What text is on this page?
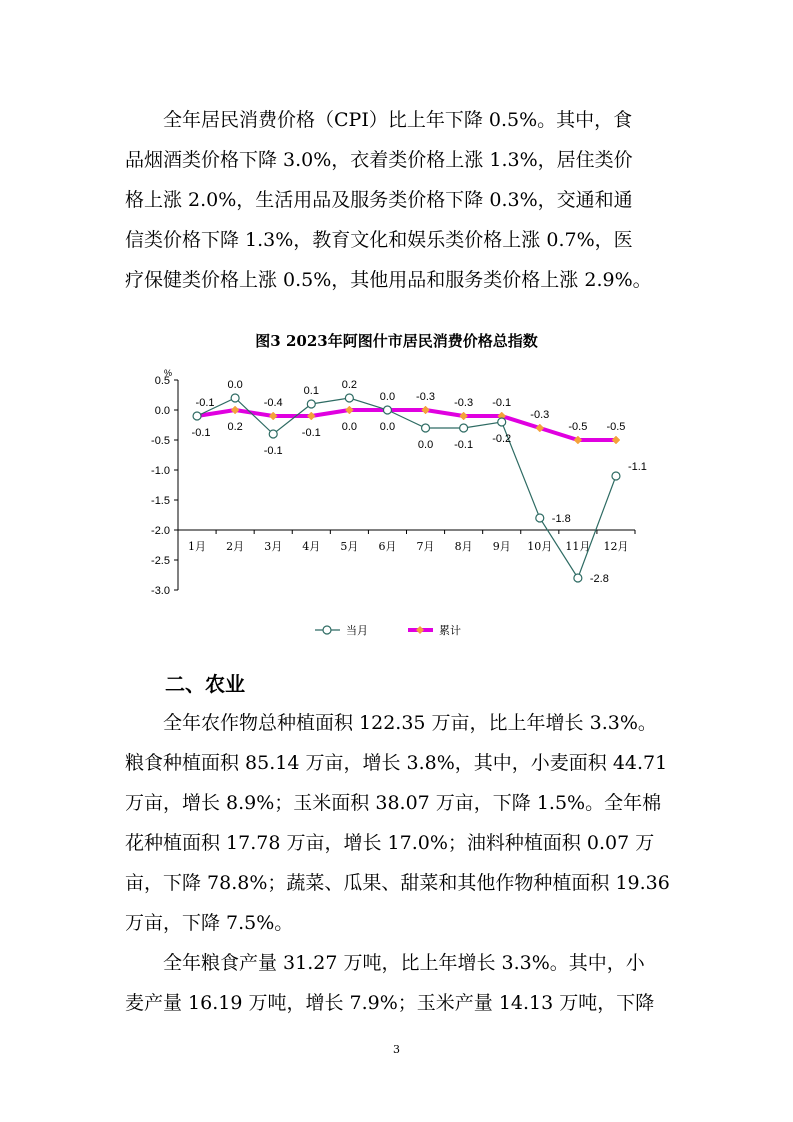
　　全年居民消费价格（CPI）比上年下降 0.5%。其中，食
品烟酒类价格下降 3.0%，衣着类价格上涨 1.3%，居住类价
格上涨 2.0%，生活用品及服务类价格下降 0.3%，交通和通
信类价格下降 1.3%，教育文化和娱乐类价格上涨 0.7%，医
疗保健类价格上涨 0.5%，其他用品和服务类价格上涨 2.9%。
图3 2023年阿图什市居民消费价格总指数
0.5
0.0
-0.5
-1.0
-1.5
-2.0
-2.5
-3.0
%
1月 2月 3月 4月 5月 6月 7月 8月 9月 10月 11月 12月
-0.1
0.0
-0.4
0.1 0.2
0.0 -0.3 -0.3 -0.1
-1.8
-2.8
-1.1
-0.1 0.2
-0.1
-0.1 0.0 0.0
0.0 -0.1 -0.2
-0.3
-0.5 -0.5
当月	累计
二、农业
　　全年农作物总种植面积 122.35 万亩，比上年增长 3.3%。
粮食种植面积 85.14 万亩，增长 3.8%，其中，小麦面积 44.71
万亩，增长 8.9%；玉米面积 38.07 万亩，下降 1.5%。全年棉
花种植面积 17.78 万亩，增长 17.0%；油料种植面积 0.07 万
亩，下降 78.8%；蔬菜、瓜果、甜菜和其他作物种植面积 19.36
万亩，下降 7.5%。
　　全年粮食产量 31.27 万吨，比上年增长 3.3%。其中，小
麦产量 16.19 万吨，增长 7.9%；玉米产量 14.13 万吨，下降
3
